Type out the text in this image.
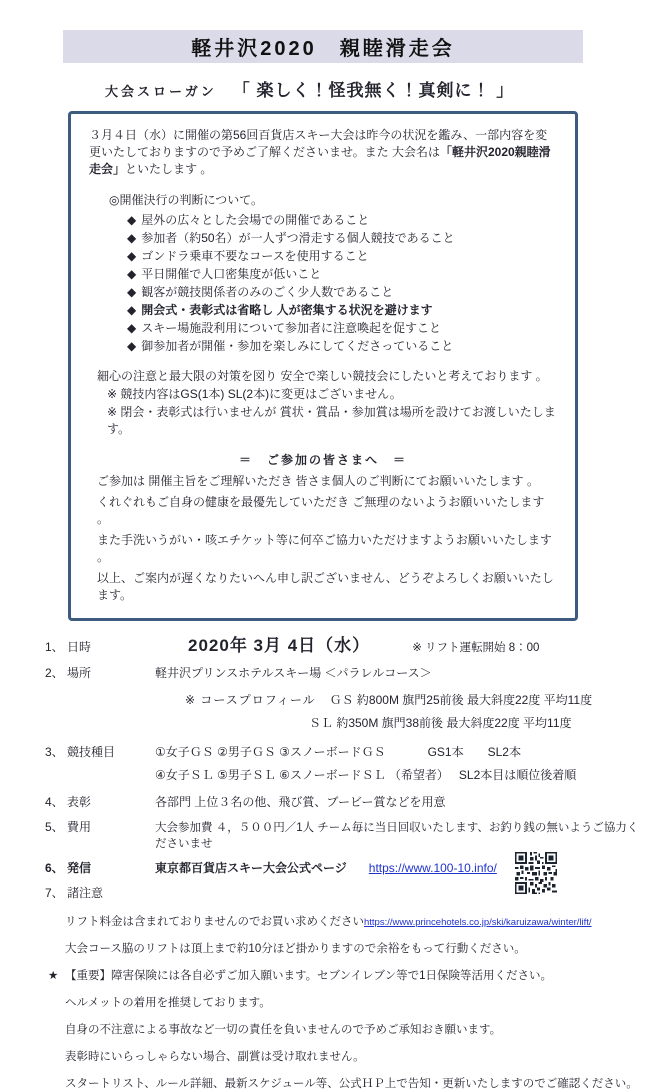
軽井沢2020　親睦滑走会
大会スローガン 「 楽しく！怪我無く！真剣に！ 」

３月４日（水）に開催の第56回百貨店スキー大会は昨今の状況を鑑み、一部内容を変更いたしておりますので予めご了解くださいませ。また 大会名は「軽井沢2020親睦滑走会」といたします 。

◎開催決行の判断について。

◆ 屋外の広々とした会場での開催であること
◆ 参加者（約50名）が一人ずつ滑走する個人競技であること
◆ ゴンドラ乗車不要なコースを使用すること
◆ 平日開催で人口密集度が低いこと
◆ 観客が競技関係者のみのごく少人数であること
◆ 開会式・表彰式は省略し 人が密集する状況を避けます
◆ スキー場施設利用について参加者に注意喚起を促すこと
◆ 御参加者が開催・参加を楽しみにしてくださっていること

細心の注意と最大限の対策を図り 安全で楽しい競技会にしたいと考えております 。

※ 競技内容はGS(1本) SL(2本)に変更はございません。

※ 閉会・表彰式は行いませんが 賞状・賞品・参加賞は場所を設けてお渡しいたします。

＝　ご参加の皆さまへ　＝

ご参加は 開催主旨をご理解いただき 皆さま個人のご判断にてお願いいたします 。

くれぐれもご自身の健康を最優先していただき ご無理のないようお願いいたします 。

また手洗いうがい・咳エチケット等に何卒ご協力いただけますようお願いいたします 。

以上、ご案内が遅くなりたいへん申し訳ございません、どうぞよろしくお願いいたします。

1、 日時	2020年 3月 4日（水）	※ リフト運転開始 8：00
2、 場所	軽井沢プリンスホテルスキー場 ＜パラレルコース＞
※ コースプロフィール ＧＳ 約800M 旗門25前後 最大斜度22度 平均11度
ＳＬ 約350M 旗門38前後 最大斜度22度 平均11度
3、 競技種目	①女子ＧＳ ②男子ＧＳ ③スノーボードＧＳ	GS1本　　SL2本
④女子ＳＬ ⑤男子ＳＬ ⑥スノーボードＳＬ （希望者） SL2本目は順位後着順
4、 表彰	各部門 上位３名の他、飛び賞、ブービー賞などを用意
5、 費用	大会参加費 ４，５００円／1人 チーム毎に当日回収いたします、お釣り銭の無いようご協力くださいませ
6、 発信	東京都百貨店スキー大会公式ページ https://www.100-10.info/
7、 諸注意
リフト料金は含まれておりませんのでお買い求めくださいhttps://www.princehotels.co.jp/ski/karuizawa/winter/lift/
大会コース脇のリフトは頂上まで約10分ほど掛かりますので余裕をもって行動ください。
★ 【重要】障害保険には各自必ずご加入願います。セブンイレブン等で1日保険等活用ください。
ヘルメットの着用を推奨しております。
自身の不注意による事故など一切の責任を負いませんので予めご承知おき願います。
表彰時にいらっしゃらない場合、副賞は受け取れません。
スタートリスト、ルール詳細、最新スケジュール等、公式ＨＰ上で告知・更新いたしますのでご確認ください。
